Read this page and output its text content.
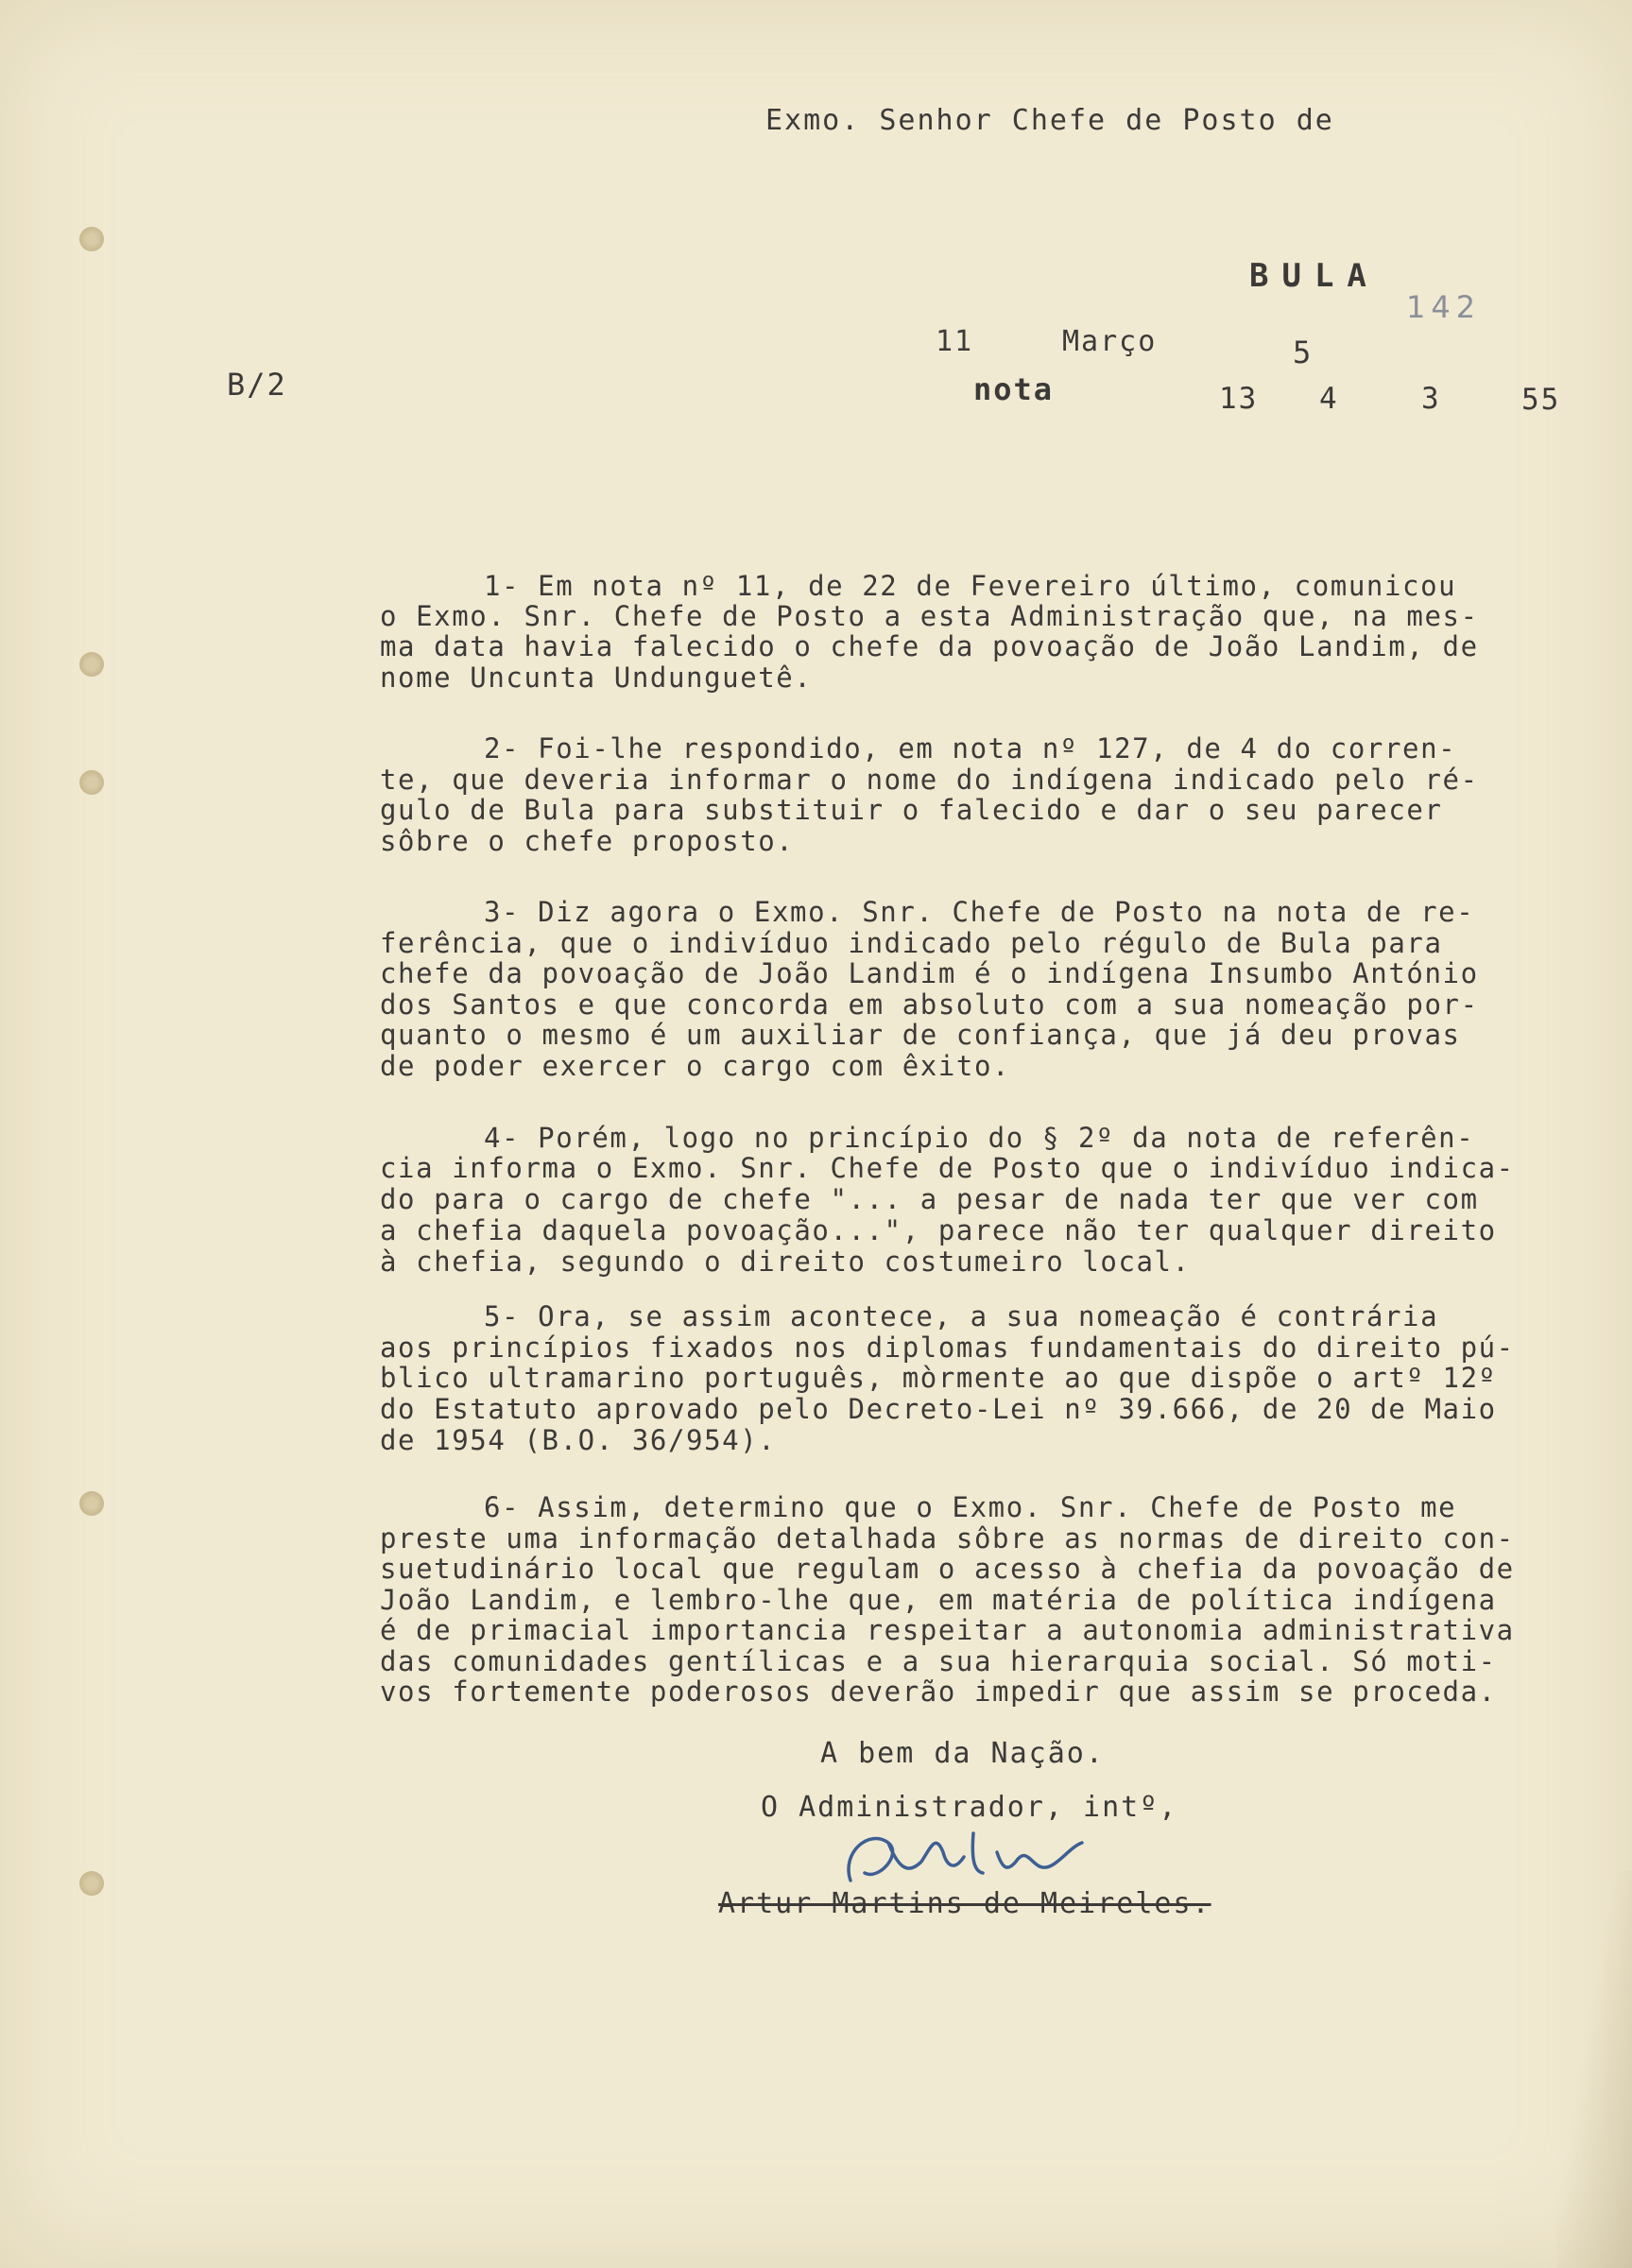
Exmo. Senhor Chefe de Posto de
BULA
142
B/2
11	Março	5
nota	13 4	3	55
1- Em nota nº 11, de 22 de Fevereiro último, comunicou
o Exmo. Snr. Chefe de Posto a esta Administração que, na mes-
ma data havia falecido o chefe da povoação de João Landim, de
nome Uncunta Undunguetê.
2- Foi-lhe respondido, em nota nº 127, de 4 do corren-
te, que deveria informar o nome do indígena indicado pelo ré-
gulo de Bula para substituir o falecido e dar o seu parecer
sôbre o chefe proposto.
3- Diz agora o Exmo. Snr. Chefe de Posto na nota de re-
ferência, que o indivíduo indicado pelo régulo de Bula para
chefe da povoação de João Landim é o indígena Insumbo António
dos Santos e que concorda em absoluto com a sua nomeação por-
quanto o mesmo é um auxiliar de confiança, que já deu provas
de poder exercer o cargo com êxito.
4- Porém, logo no princípio do § 2º da nota de referên-
cia informa o Exmo. Snr. Chefe de Posto que o indivíduo indica-
do para o cargo de chefe "... a pesar de nada ter que ver com
a chefia daquela povoação...", parece não ter qualquer direito
à chefia, segundo o direito costumeiro local.
5- Ora, se assim acontece, a sua nomeação é contrária
aos princípios fixados nos diplomas fundamentais do direito pú-
blico ultramarino português, mòrmente ao que dispõe o artº 12º
do Estatuto aprovado pelo Decreto-Lei nº 39.666, de 20 de Maio
de 1954 (B.O. 36/954).
6- Assim, determino que o Exmo. Snr. Chefe de Posto me
preste uma informação detalhada sôbre as normas de direito con-
suetudinário local que regulam o acesso à chefia da povoação de
João Landim, e lembro-lhe que, em matéria de política indígena
é de primacial importancia respeitar a autonomia administrativa
das comunidades gentílicas e a sua hierarquia social. Só moti-
vos fortemente poderosos deverão impedir que assim se proceda.
A bem da Nação.
O Administrador, intº,
Artur Martins de Meireles.
